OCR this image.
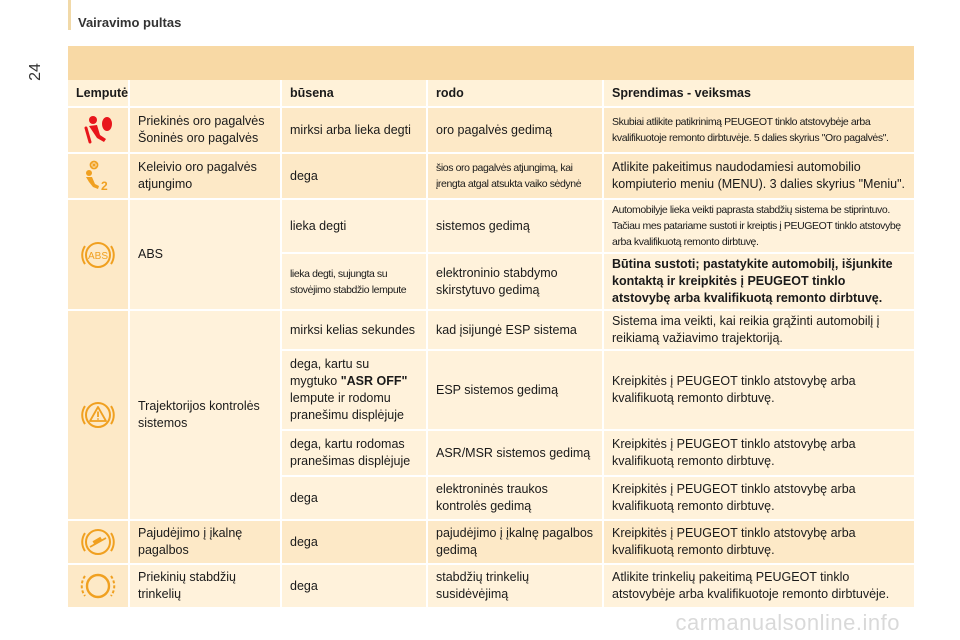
24
Vairavimo pultas
Lemputė		būsena	rodo	Sprendimas - veiksmas

	Priekinės oro pagalvės Šoninės oro pagalvės	mirksi arba lieka degti	oro pagalvės gedimą	Skubiai atlikite patikrinimą PEUGEOT tinklo atstovybėje arba kvalifikuotoje remonto dirbtuvėje. 5 dalies skyrius "Oro pagalvės".

2	Keleivio oro pagalvės atjungimo	dega	šios oro pagalvės atjungimą, kai įrengta atgal atsukta vaiko sėdynė	Atlikite pakeitimus naudodamiesi automobilio kompiuterio meniu (MENU). 3 dalies skyrius "Meniu".

ABS	ABS	lieka degti	sistemos gedimą	Automobilyje lieka veikti paprasta stabdžių sistema be stiprintuvo. Tačiau mes patariame sustoti ir kreiptis į PEUGEOT tinklo atstovybę arba kvalifikuotą remonto dirbtuvę.
		lieka degti, sujungta su stovėjimo stabdžio lempute	elektroninio stabdymo skirstytuvo gedimą	Būtina sustoti; pastatykite automobilį, išjunkite kontaktą ir kreipkitės į PEUGEOT tinklo atstovybę arba kvalifikuotą remonto dirbtuvę.

	Trajektorijos kontrolės sistemos	mirksi kelias sekundes	kad įsijungė ESP sistema	Sistema ima veikti, kai reikia grąžinti automobilį į reikiamą važiavimo trajektoriją.
		dega, kartu su mygtuko "ASR OFF" lempute ir rodomu pranešimu displėjuje	ESP sistemos gedimą	Kreipkitės į PEUGEOT tinklo atstovybę arba kvalifikuotą remonto dirbtuvę.
		dega, kartu rodomas pranešimas displėjuje	ASR/MSR sistemos gedimą	Kreipkitės į PEUGEOT tinklo atstovybę arba kvalifikuotą remonto dirbtuvę.
		dega	elektroninės traukos kontrolės gedimą	Kreipkitės į PEUGEOT tinklo atstovybę arba kvalifikuotą remonto dirbtuvę.

	Pajudėjimo į įkalnę pagalbos	dega	pajudėjimo į įkalnę pagalbos gedimą	Kreipkitės į PEUGEOT tinklo atstovybę arba kvalifikuotą remonto dirbtuvę.

	Priekinių stabdžių trinkelių	dega	stabdžių trinkelių susidėvėjimą	Atlikite trinkelių pakeitimą PEUGEOT tinklo atstovybėje arba kvalifikuotoje remonto dirbtuvėje.
carmanualsonline.info
